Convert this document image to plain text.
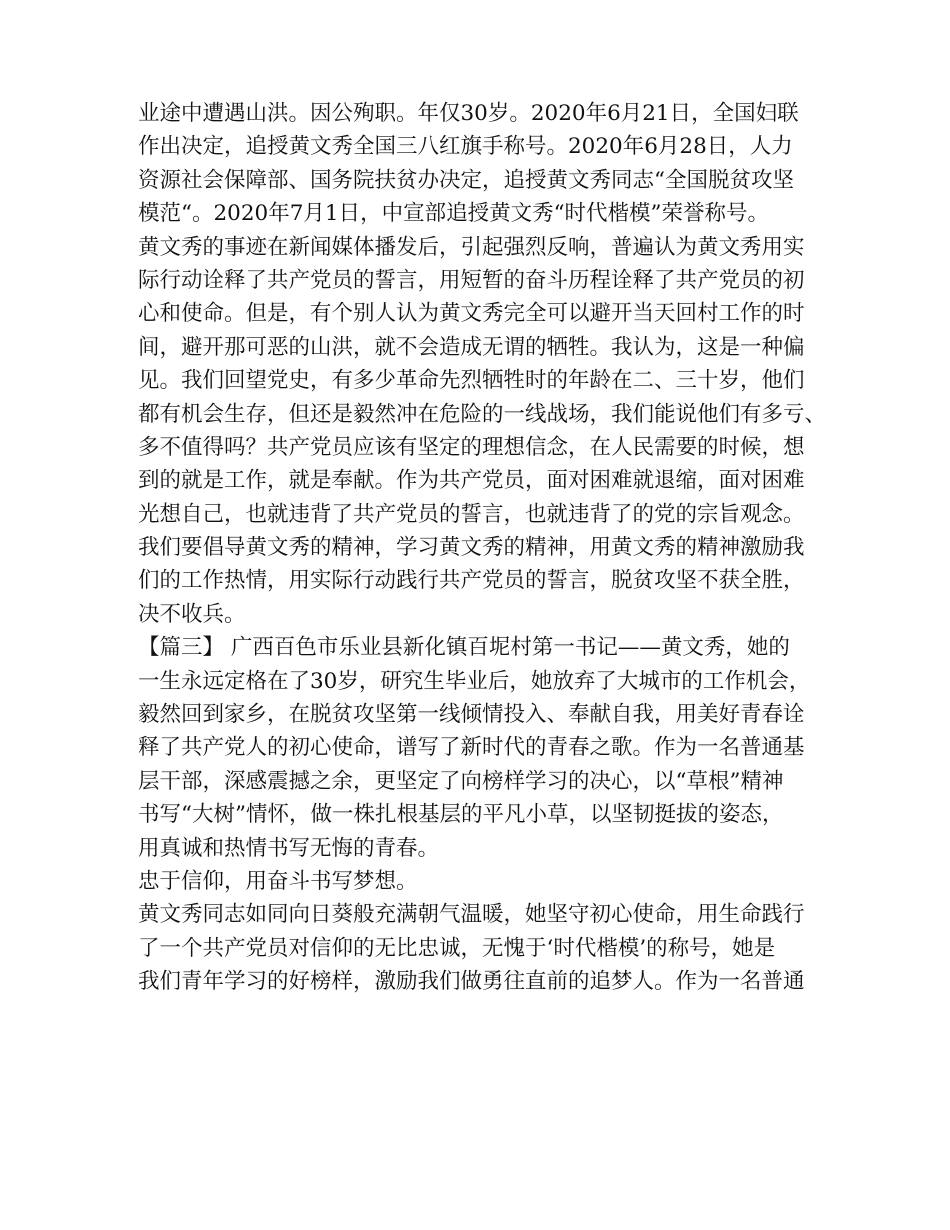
业途中遭遇山洪。因公殉职。年仅30岁。2020年6月21日，全国妇联
作出决定，追授黄文秀全国三八红旗手称号。2020年6月28日，人力
资源社会保障部、国务院扶贫办决定，追授黄文秀同志“全国脱贫攻坚
模范“。2020年7月1日，中宣部追授黄文秀“时代楷模”荣誉称号。
黄文秀的事迹在新闻媒体播发后，引起强烈反响，普遍认为黄文秀用实
际行动诠释了共产党员的誓言，用短暂的奋斗历程诠释了共产党员的初
心和使命。但是，有个别人认为黄文秀完全可以避开当天回村工作的时
间，避开那可恶的山洪，就不会造成无谓的牺牲。我认为，这是一种偏
见。我们回望党史，有多少革命先烈牺牲时的年龄在二、三十岁，他们
都有机会生存，但还是毅然冲在危险的一线战场，我们能说他们有多亏、
多不值得吗？共产党员应该有坚定的理想信念，在人民需要的时候，想
到的就是工作，就是奉献。作为共产党员，面对困难就退缩，面对困难
光想自己，也就违背了共产党员的誓言，也就违背了的党的宗旨观念。
我们要倡导黄文秀的精神，学习黄文秀的精神，用黄文秀的精神激励我
们的工作热情，用实际行动践行共产党员的誓言，脱贫攻坚不获全胜，
决不收兵。
【篇三】 广西百色市乐业县新化镇百坭村第一书记——黄文秀，她的
一生永远定格在了30岁，研究生毕业后，她放弃了大城市的工作机会，
毅然回到家乡，在脱贫攻坚第一线倾情投入、奉献自我，用美好青春诠
释了共产党人的初心使命，谱写了新时代的青春之歌。作为一名普通基
层干部，深感震撼之余，更坚定了向榜样学习的决心，以“草根”精神
书写“大树”情怀，做一株扎根基层的平凡小草，以坚韧挺拔的姿态，
用真诚和热情书写无悔的青春。
忠于信仰，用奋斗书写梦想。
黄文秀同志如同向日葵般充满朝气温暖，她坚守初心使命，用生命践行
了一个共产党员对信仰的无比忠诚，无愧于‘时代楷模’的称号，她是
我们青年学习的好榜样，激励我们做勇往直前的追梦人。作为一名普通
